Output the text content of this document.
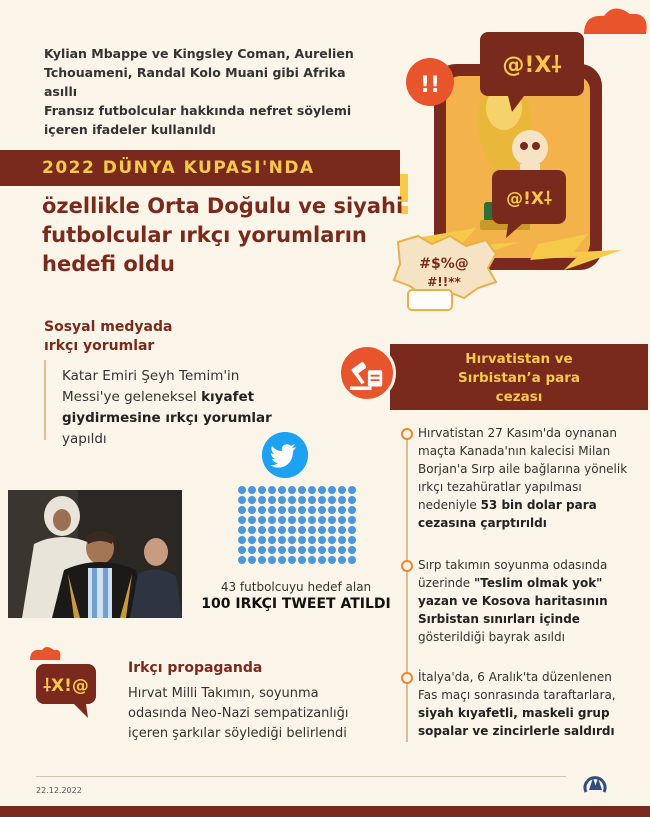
Kylian Mbappe ve Kingsley Coman, Aurelien

Tchouameni, Randal Kolo Muani gibi Afrika asıllı

Fransız futbolcular hakkında nefret söylemi

içeren ifadeler kullanıldı

!!
@!X⸸
@!X⸸
#$%@
#!!**
2022 DÜNYA KUPASI'NDA
özellikle Orta Doğulu ve siyahi
futbolcular ırkçı yorumların
hedefi oldu
Sosyal medyada
ırkçı yorumlar
Katar Emiri Şeyh Temim'in Messi'ye geleneksel kıyafet giydirmesine ırkçı yorumlar yapıldı
43 futbolcuyu hedef alan
100 IRKÇI TWEET ATILDI
⸸X!@
Irkçı propaganda
Hırvat Milli Takımın, soyunma odasında Neo-Nazi sempatizanlığı içeren şarkılar söylediği belirlendi
Hırvatistan ve
Sırbistan’a para
cezası
Hırvatistan 27 Kasım'da oynanan maçta Kanada'nın kalecisi Milan Borjan'a Sırp aile bağlarına yönelik ırkçı tezahüratlar yapılması nedeniyle 53 bin dolar para cezasına çarptırıldı
Sırp takımın soyunma odasında üzerinde "Teslim olmak yok" yazan ve Kosova haritasının Sırbistan sınırları içinde gösterildiği bayrak asıldı
İtalya'da, 6 Aralık'ta düzenlenen Fas maçı sonrasında taraftarlara, siyah kıyafetli, maskeli grup sopalar ve zincirlerle saldırdı
22.12.2022
